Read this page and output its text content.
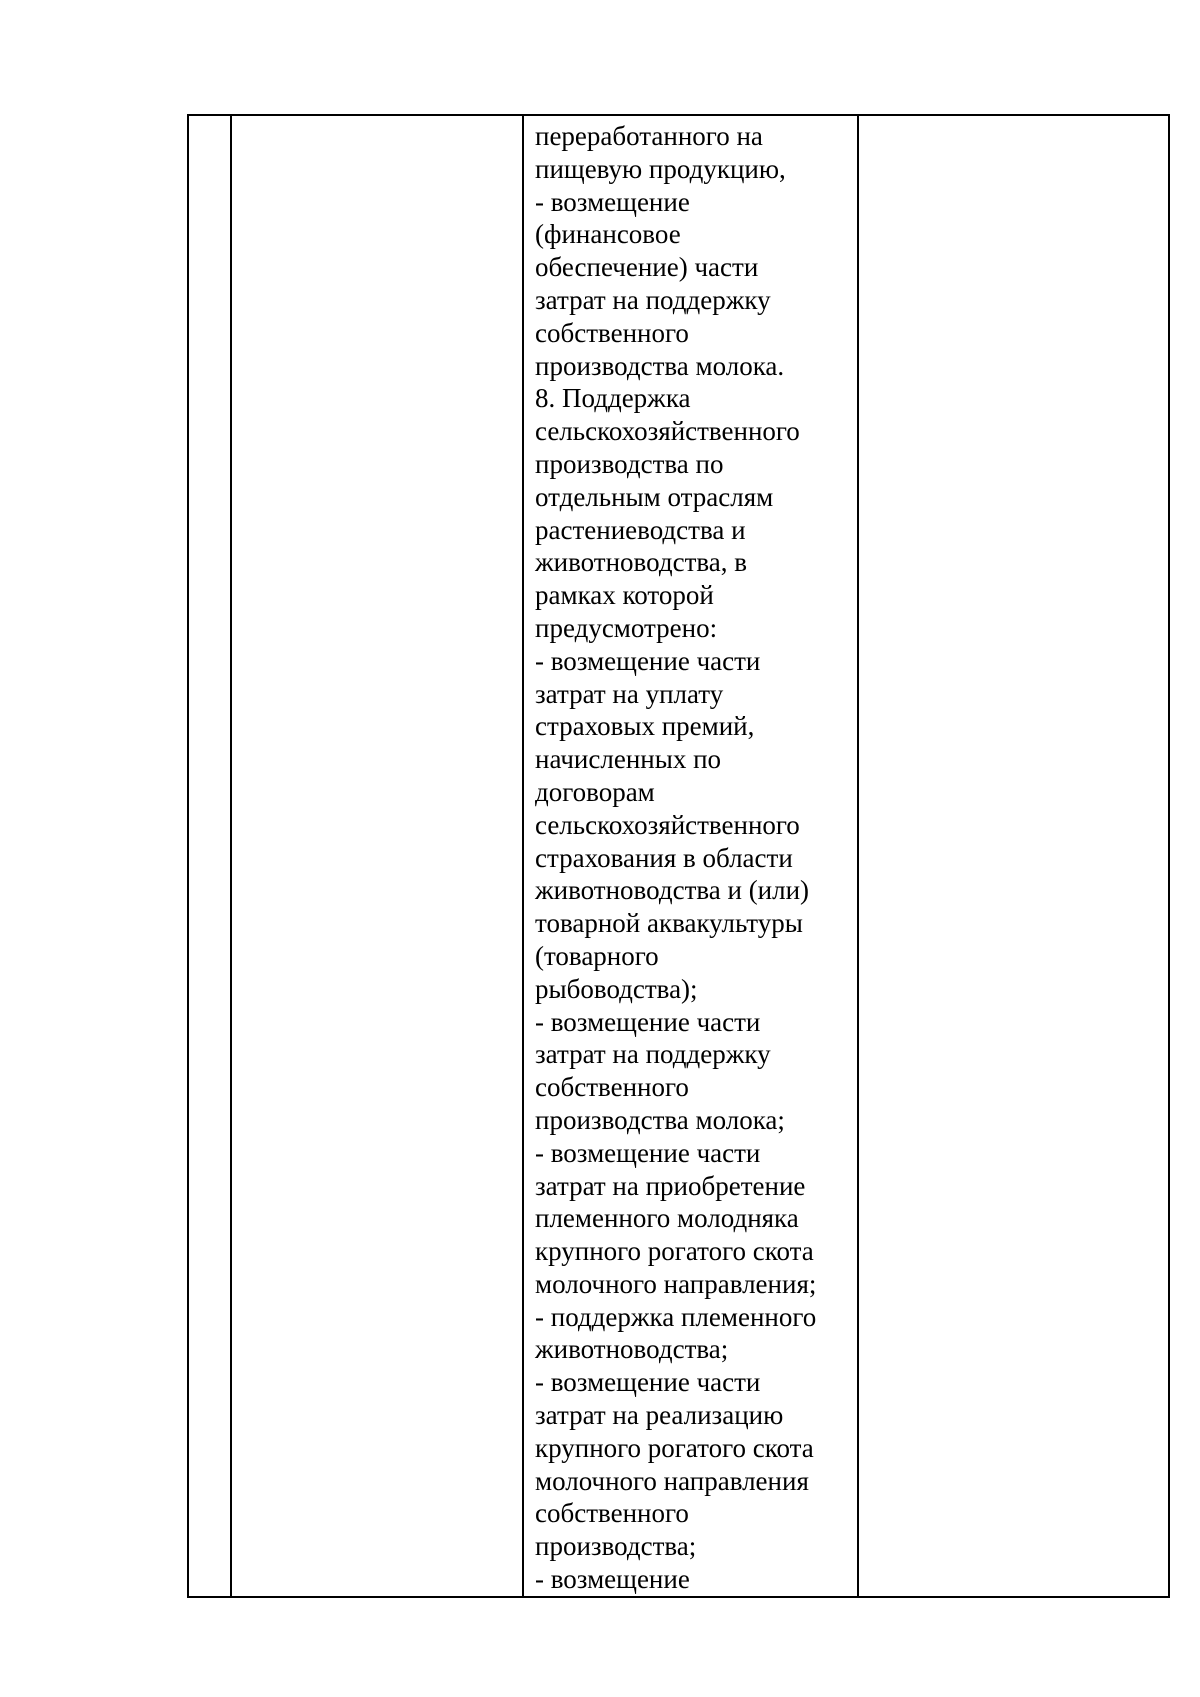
переработанного на
пищевую продукцию,
- возмещение
(финансовое
обеспечение) части
затрат на поддержку
собственного
производства молока.
8. Поддержка
сельскохозяйственного
производства по
отдельным отраслям
растениеводства и
животноводства, в
рамках которой
предусмотрено:
- возмещение части
затрат на уплату
страховых премий,
начисленных по
договорам
сельскохозяйственного
страхования в области
животноводства и (или)
товарной аквакультуры
(товарного
рыбоводства);
- возмещение части
затрат на поддержку
собственного
производства молока;
- возмещение части
затрат на приобретение
племенного молодняка
крупного рогатого скота
молочного направления;
- поддержка племенного
животноводства;
- возмещение части
затрат на реализацию
крупного рогатого скота
молочного направления
собственного
производства;
- возмещение
